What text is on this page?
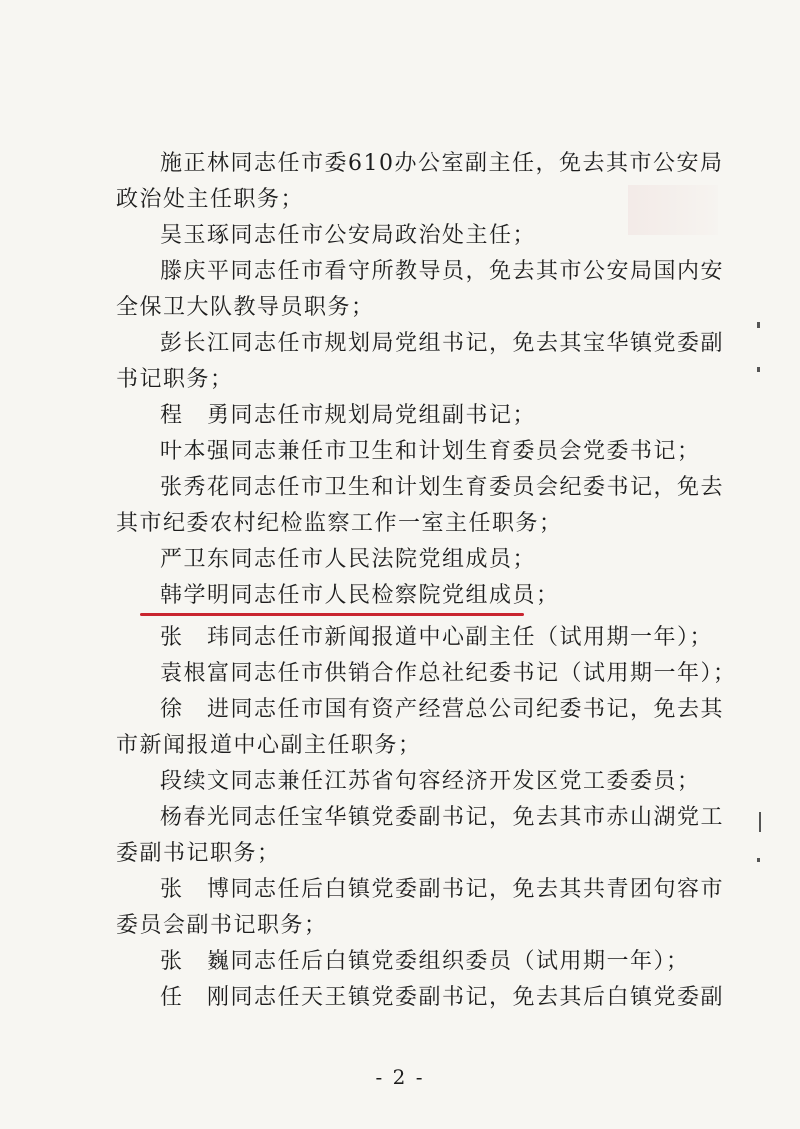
施正林同志任市委610办公室副主任，免去其市公安局
政治处主任职务；
吴玉琢同志任市公安局政治处主任；
滕庆平同志任市看守所教导员，免去其市公安局国内安
全保卫大队教导员职务；
彭长江同志任市规划局党组书记，免去其宝华镇党委副
书记职务；
程　勇同志任市规划局党组副书记；
叶本强同志兼任市卫生和计划生育委员会党委书记；
张秀花同志任市卫生和计划生育委员会纪委书记，免去
其市纪委农村纪检监察工作一室主任职务；
严卫东同志任市人民法院党组成员；
韩学明同志任市人民检察院党组成员；
张　玮同志任市新闻报道中心副主任（试用期一年）；
袁根富同志任市供销合作总社纪委书记（试用期一年）；
徐　进同志任市国有资产经营总公司纪委书记，免去其
市新闻报道中心副主任职务；
段续文同志兼任江苏省句容经济开发区党工委委员；
杨春光同志任宝华镇党委副书记，免去其市赤山湖党工
委副书记职务；
张　博同志任后白镇党委副书记，免去其共青团句容市
委员会副书记职务；
张　巍同志任后白镇党委组织委员（试用期一年）；
任　刚同志任天王镇党委副书记，免去其后白镇党委副
- 2 -
